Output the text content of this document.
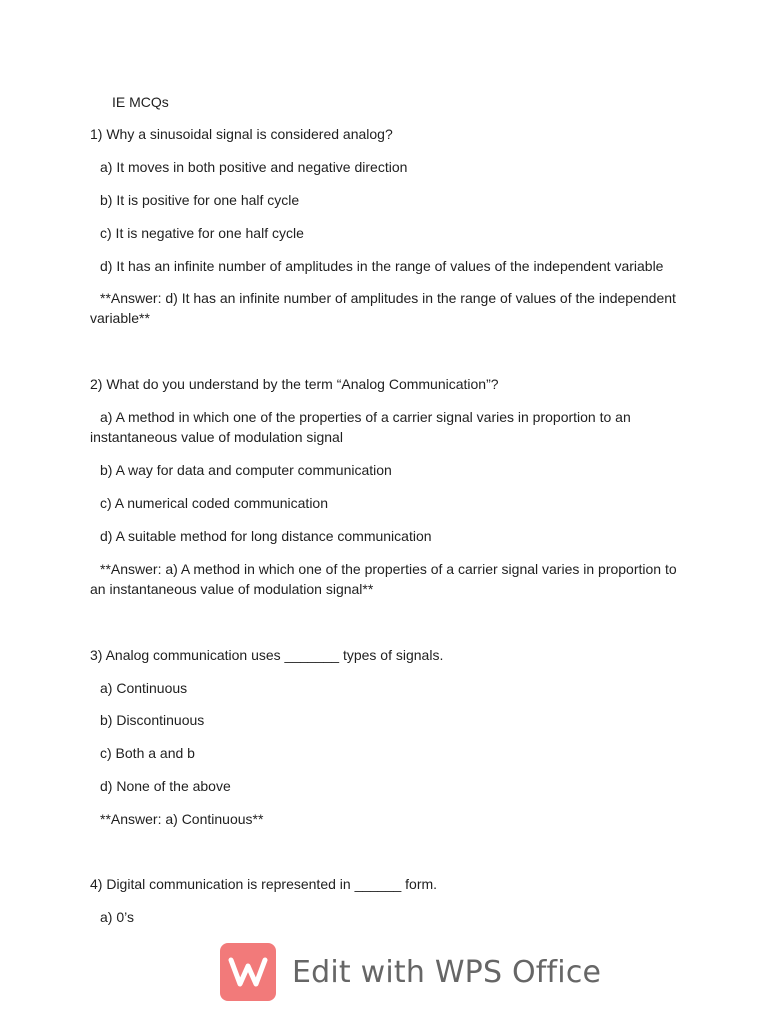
IE MCQs
1) Why a sinusoidal signal is considered analog?
a) It moves in both positive and negative direction
b) It is positive for one half cycle
c) It is negative for one half cycle
d) It has an infinite number of amplitudes in the range of values of the independent variable
**Answer: d) It has an infinite number of amplitudes in the range of values of the independent variable**
2) What do you understand by the term “Analog Communication”?
a) A method in which one of the properties of a carrier signal varies in proportion to an instantaneous value of modulation signal
b) A way for data and computer communication
c) A numerical coded communication
d) A suitable method for long distance communication
**Answer: a) A method in which one of the properties of a carrier signal varies in proportion to an instantaneous value of modulation signal**
3) Analog communication uses _______ types of signals.
a) Continuous
b) Discontinuous
c) Both a and b
d) None of the above
**Answer: a) Continuous**
4) Digital communication is represented in ______ form.
a) 0’s
Edit with WPS Office
